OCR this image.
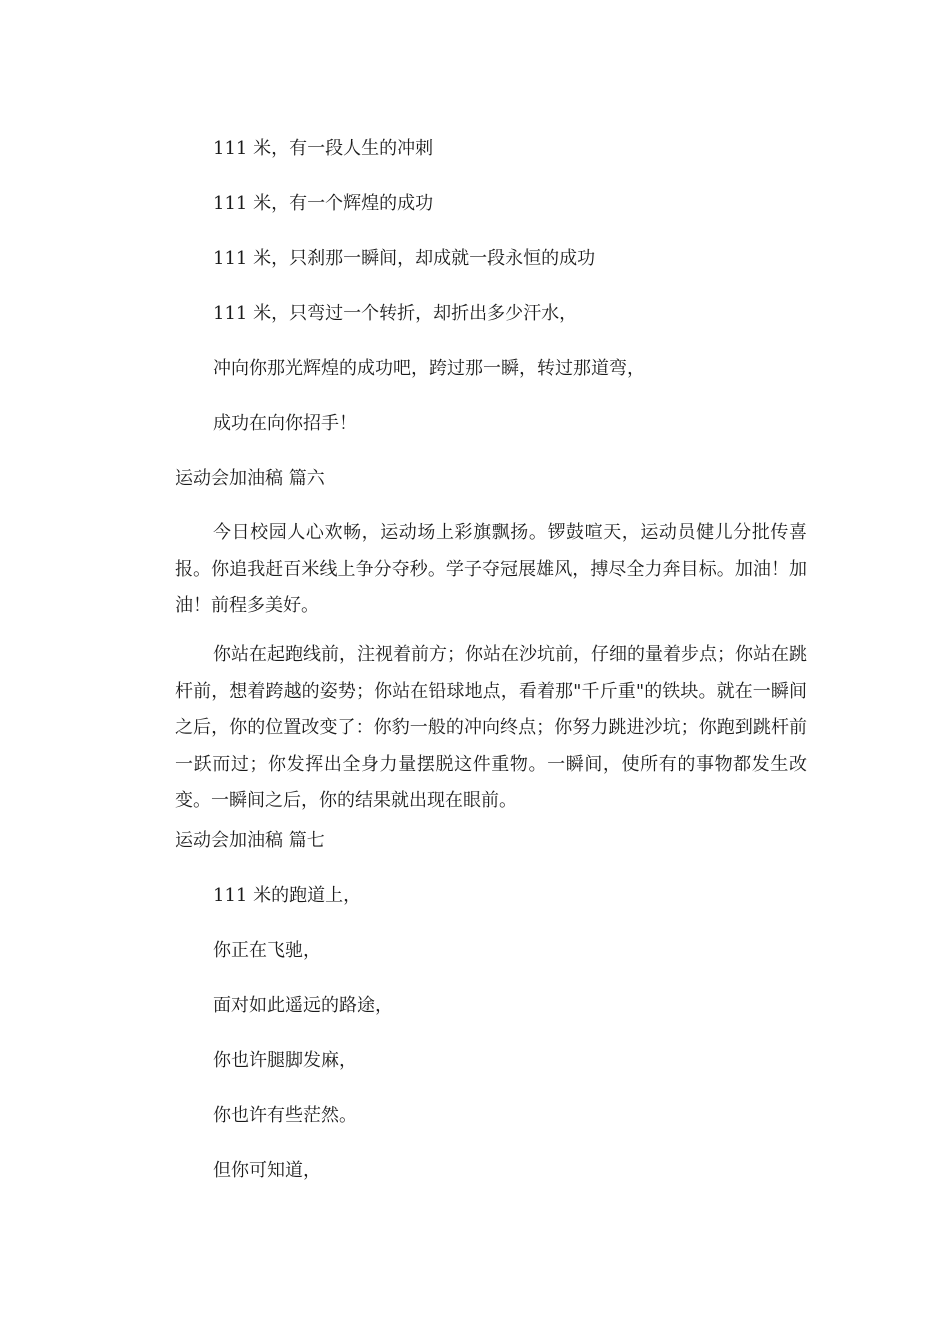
111 米，有一段人生的冲刺
111 米，有一个辉煌的成功
111 米，只刹那一瞬间，却成就一段永恒的成功
111 米，只弯过一个转折，却折出多少汗水，
冲向你那光辉煌的成功吧，跨过那一瞬，转过那道弯，
成功在向你招手！
运动会加油稿 篇六
今日校园人心欢畅，运动场上彩旗飘扬。锣鼓喧天，运动员健儿分批传喜报。你追我赶百米线上争分夺秒。学子夺冠展雄风，搏尽全力奔目标。加油！加油！前程多美好。
你站在起跑线前，注视着前方；你站在沙坑前，仔细的量着步点；你站在跳杆前，想着跨越的姿势；你站在铅球地点，看着那"千斤重"的铁块。就在一瞬间之后，你的位置改变了：你豹一般的冲向终点；你努力跳进沙坑；你跑到跳杆前一跃而过；你发挥出全身力量摆脱这件重物。一瞬间，使所有的事物都发生改变。一瞬间之后，你的结果就出现在眼前。
运动会加油稿 篇七
111 米的跑道上，
你正在飞驰，
面对如此遥远的路途，
你也许腿脚发麻，
你也许有些茫然。
但你可知道，
